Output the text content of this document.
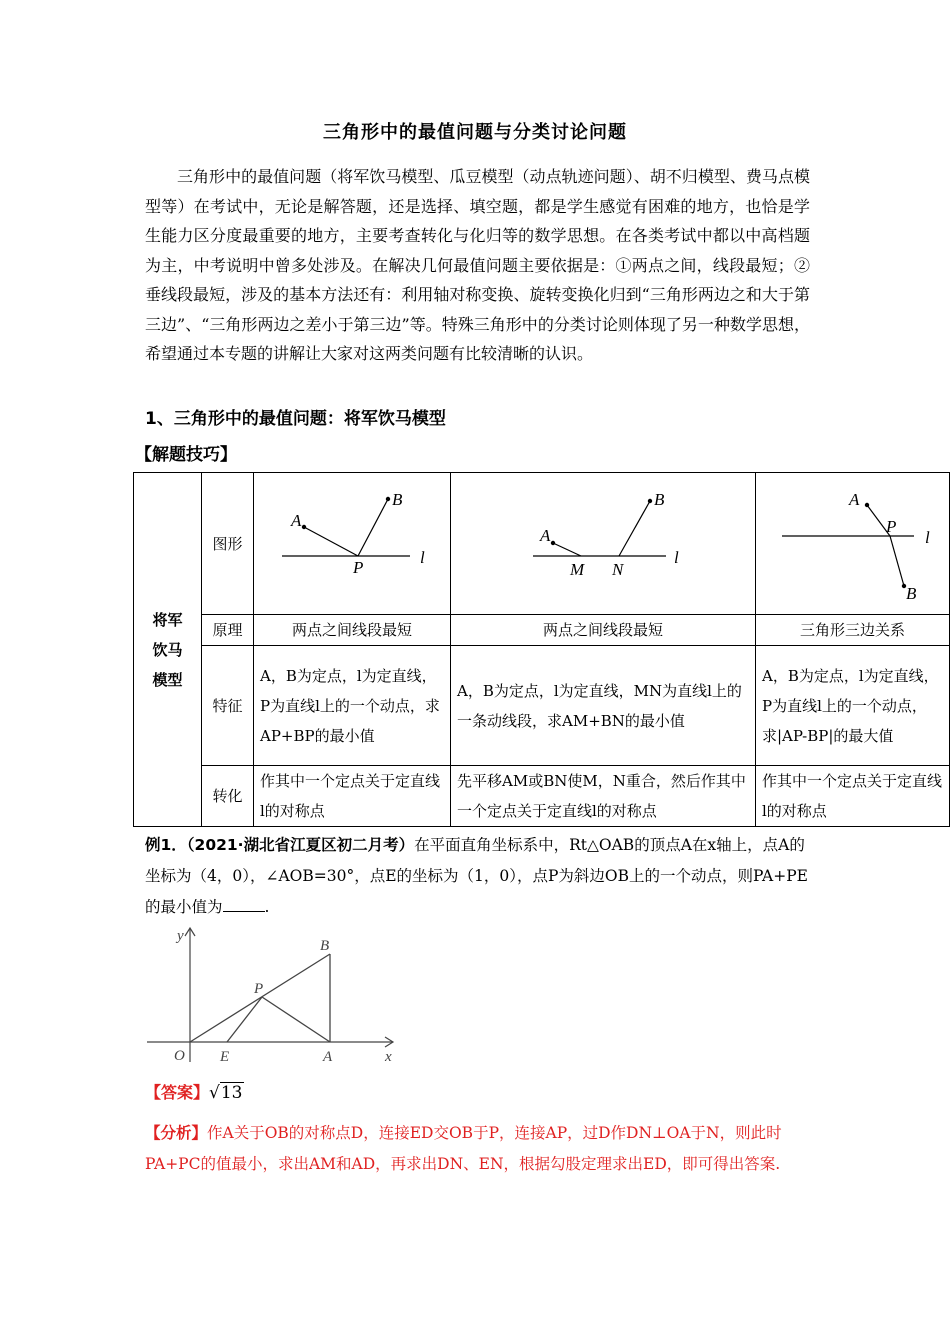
三角形中的最值问题与分类讨论问题

三角形中的最值问题（将军饮马模型、瓜豆模型（动点轨迹问题）、胡不归模型、费马点模型等）在考试中，无论是解答题，还是选择、填空题，都是学生感觉有困难的地方，也恰是学生能力区分度最重要的地方，主要考查转化与化归等的数学思想。在各类考试中都以中高档题为主，中考说明中曾多处涉及。在解决几何最值问题主要依据是：①两点之间，线段最短；②垂线段最短，涉及的基本方法还有：利用轴对称变换、旋转变换化归到“三角形两边之和大于第三边”、“三角形两边之差小于第三边”等。特殊三角形中的分类讨论则体现了另一种数学思想，希望通过本专题的讲解让大家对这两类问题有比较清晰的认识。

1、三角形中的最值问题：将军饮马模型
【解题技巧】
将军饮马模型	图形	A
B
P
l	A
B
M N
l	A
B
P
l

	原理	两点之间线段最短	两点之间线段最短	三角形三边关系
	特征	A，B为定点，l为定直线，P为直线l上的一个动点，求AP+BP的最小值	A，B为定点，l为定直线，MN为直线l上的一条动线段，求AM+BN的最小值	A，B为定点，l为定直线，P为直线l上的一个动点，求|AP-BP|的最大值
	转化	作其中一个定点关于定直线l的对称点	先平移AM或BN使M，N重合，然后作其中一个定点关于定直线l的对称点	作其中一个定点关于定直线l的对称点

例1．（2021·湖北省江夏区初二月考）在平面直角坐标系中，Rt△OAB的顶点A在x轴上，点A的坐标为（4，0），∠AOB=30°，点E的坐标为（1，0），点P为斜边OB上的一个动点，则PA+PE的最小值为	.

y
x
O E	A
B
P
【答案】√13

【分析】作A关于OB的对称点D，连接ED交OB于P，连接AP，过D作DN⊥OA于N，则此时PA+PC的值最小，求出AM和AD，再求出DN、EN，根据勾股定理求出ED，即可得出答案.
